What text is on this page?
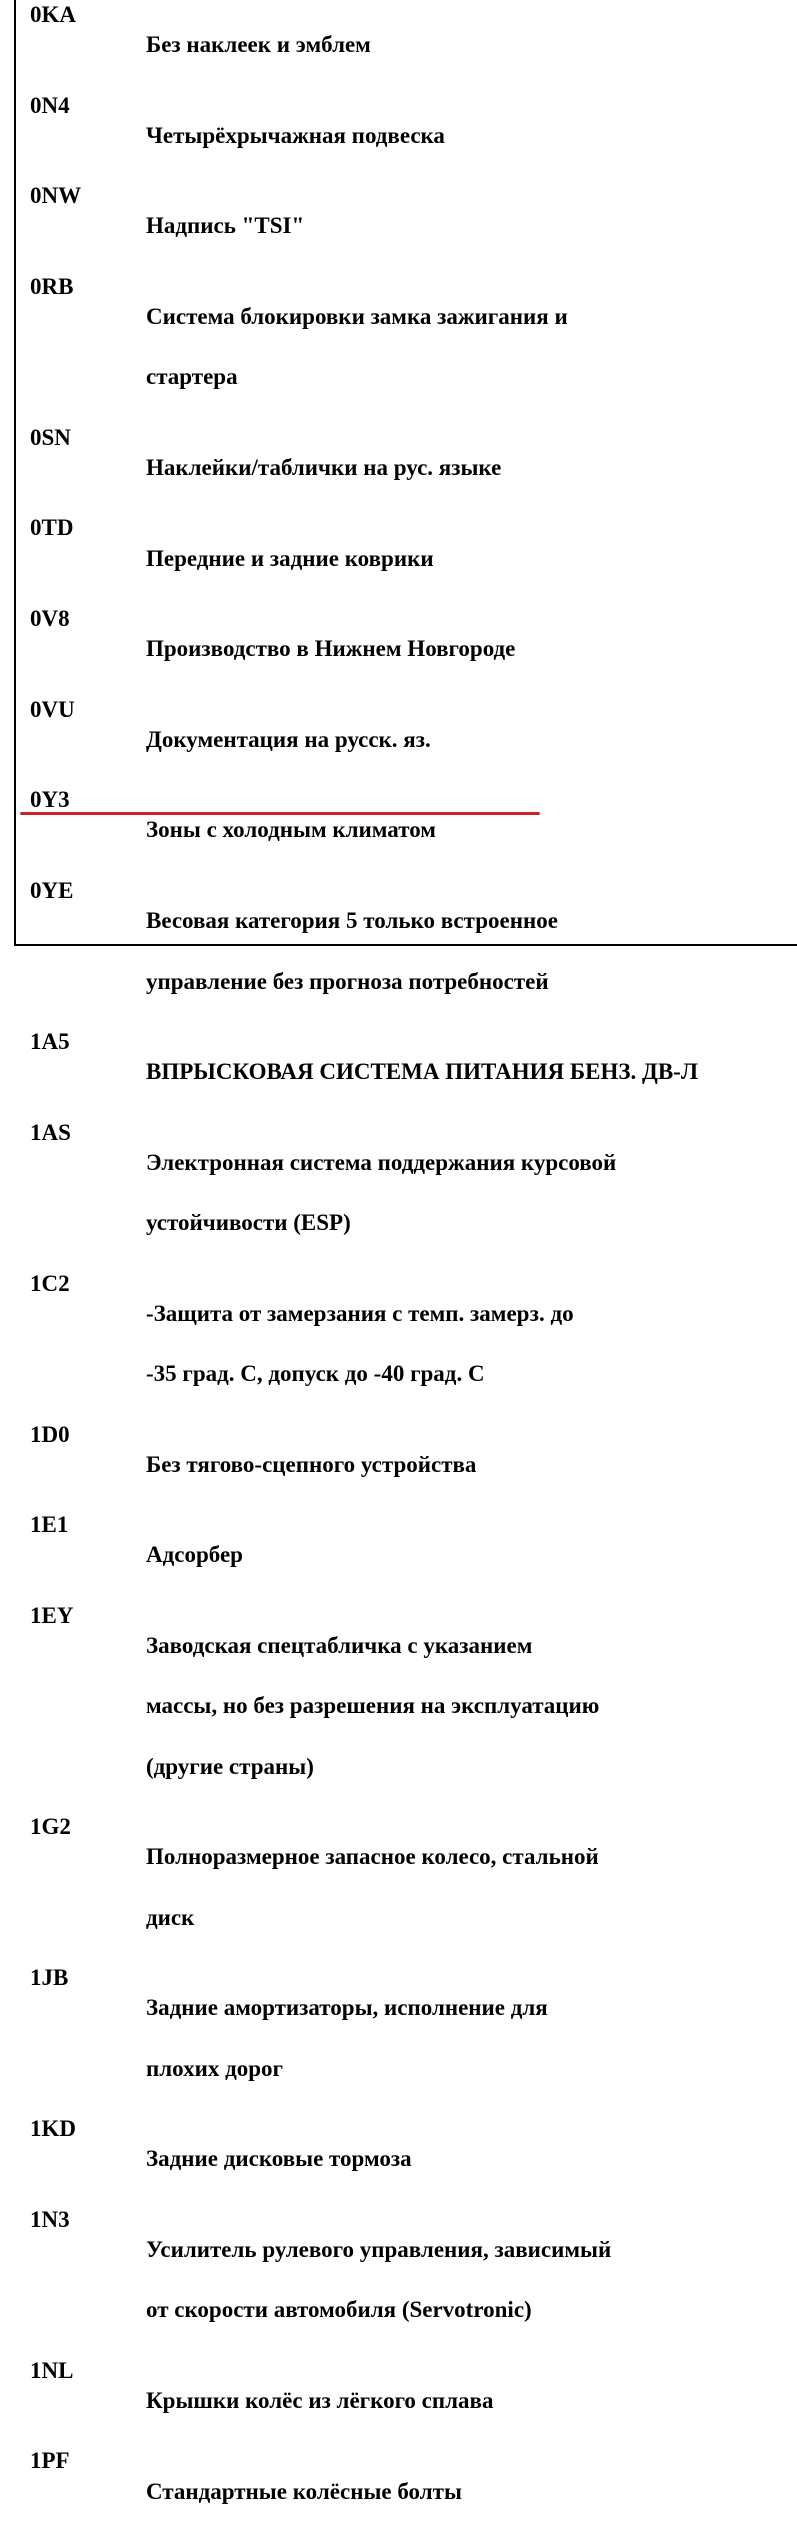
0KA

Без наклеек и эмблем

0N4

Четырёхрычажная подвеска

0NW

Надпись "TSI"

0RB

Система блокировки замка зажигания и

стартера

0SN

Наклейки/таблички на рус. языке

0TD

Передние и задние коврики

0V8

Производство в Нижнем Новгороде

0VU

Документация на русск. яз.

0Y3

Зоны с холодным климатом

0YE

Весовая категория 5 только встроенное

управление без прогноза потребностей

1A5

ВПРЫСКОВАЯ СИСТЕМА ПИТАНИЯ БЕНЗ. ДВ-Л

1AS

Электронная система поддержания курсовой

устойчивости (ESP)

1C2

-Защита от замерзания с темп. замерз. до

-35 град. С, допуск до -40 град. С

1D0

Без тягово-сцепного устройства

1E1

Адсорбер

1EY

Заводская спецтабличка с указанием

массы, но без разрешения на эксплуатацию

(другие страны)

1G2

Полноразмерное запасное колесо, стальной

диск

1JB

Задние амортизаторы, исполнение для

плохих дорог

1KD

Задние дисковые тормоза

1N3

Усилитель рулевого управления, зависимый

от скорости автомобиля (Servotronic)

1NL

Крышки колёс из лёгкого сплава

1PF

Стандартные колёсные болты
